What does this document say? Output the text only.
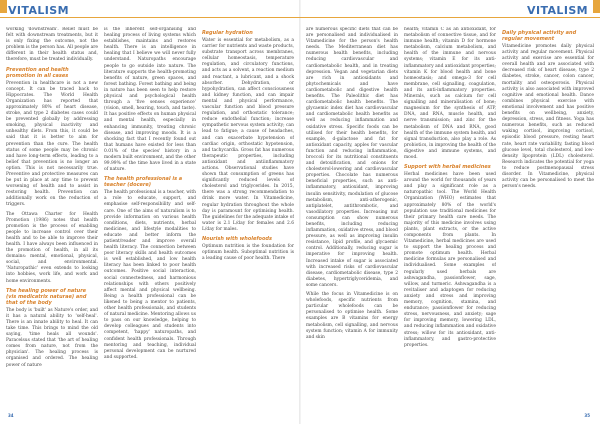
VITALISM

working 'downstream'. Relief must be felt with downstream treatments, but it is only fixing the outcome, not the problem is the person has. All people are different in their health status and, therefore, must be treated individually.

Prevention and health promotion in all cases

Prevention in healthcare is not a new concept. It can be traced back to Hippocrates. The World Health Organization has reported that approximately 80% of heart disease, stroke, and type 2 diabetes cases could be prevented globally by addressing smoking, physical inactivity and unhealthy diets. From this, it could be said that it is better to aim for prevention than the cure. The health status of some people may be chronic and have long-term effects, leading to a belief that prevention is no longer an option. This is not necessarily true. Preventive and protective measures can be put in place at any time to prevent worsening of health and to assist in restoring health. Prevention can additionally work on the reduction of triggers.

The Ottawa Charter for Health Promotion (1986) notes that health promotion is the process of enabling people to increase control over their health and to be able to improve their health. I have always been influenced in the promotion of health, in all its domains: mental, emotional, physical, social, and environmental. 'Naturopathic' even extends to looking into hobbies, work life, and work and home environments.

The healing power of nature (vis medicatrix naturae) and that of the body

The body is 'built' as Nature's order, and it has a natural ability to 'self-heal'. There is an innate ability to heal. It can take time. This brings to mind the old saying, 'time heals all wounds'. Paracelsus stated that 'the art of healing comes from nature, not from the physician'. The healing process is organised and ordered. The healing power of nature

is the inherent self-organising and healing process of living systems which establishes, maintains and restores health. There is an intelligence in healing that I believe we will never fully understand. Naturopaths encourage people to go outside into nature. The literature supports the health-promoting benefits of nature, green spaces, and forest bathing. Forest bathing and being in nature has been seen to help restore physical and psychological health through a 'five senses experience' (vision, smell, hearing, touch, and taste). It has positive effects on human physical and mental health, especially in enhancing immunity, treating chronic disease, and improving moods. It is a shocking fact that I recently found out that humans have existed for less than 0.01% of the species' history in a modern built environment, and the other 99.99% of the time have lived in a state of nature.

The health professional is a teacher (docere)

The health professional is a teacher, with a role to educate, support, and emphasise self-responsibility and self-care. One of the aims of naturalism is to provide information on various health conditions, diets, nutrients, herbal medicines, and lifestyle modalities to educate and better inform the patient/reader and improve overall health literacy. The connection between poor literacy skills and health outcomes is well established, and low health literacy has been linked to poor health outcomes. Positive social interaction, social connectedness, and harmonious relationships with others positively affect mental and physical wellbeing. Being a health professional can be likened to being a mentor to patients, other health professionals, and students of natural medicine. Mentoring allows us to pass on our knowledge, helping to develop colleagues and students into competent, 'happy' naturopaths, and confident health professionals. Through mentoring and teaching, individual personal development can be nurtured and supported.

Regular hydration

Water is essential for metabolism, as a carrier for nutrients and waste products, substrate transport across membranes, cellular homeostasis, temperature regulation, and circulatory functions, and acts as a solvent, a reaction medium and reactant, a lubricant, and a shock absorber. Dehydration, or hypohydration, can affect consciousness and kidney function, and can impair mental and physical performance, vascular function and blood pressure regulation, and orthostatic tolerance; reduce endothelial function; increase sympathetic nervous system activity; can lead to fatigue; a cause of headaches, and can exacerbate hypotension of cardiac origin, orthostatic hypotension, and tachycardia. Gross fat has numerous therapeutic properties, including antioxidant and antiinflammatory actions. Observational studies have shown that consumption of greens has significantly reduced levels of cholesterol and triglycerides. In 2015, there was a strong recommendation to drink more water. In Vitamedicine, regular hydration throughout the whole day is paramount for optimising health. The guidelines for the adequate intake of water is 2.1 L/day for females and 2.6 L/day for males.

Nourish with wholefoods

Optimum nutrition is the foundation for optimum health. Suboptimal nutrition is a leading cause of poor health. There

34
VITALISM

are numerous specific diets that can be are personalised and individualised in Vitamedicine for the person's health needs. The Mediterranean diet has numerous health benefits, including reducing cardiovascular and cardiometabolic health, and in treating depression. Vegan and vegetarian diets are rich in antioxidants and phytochemicals and have cardiometabolic and digestive health benefits. The Paleolithic diet has cardiometabolic health benefits. The glycaemic index diet has cardiovascular and cardiometabolic health benefits as well as reducing inflammation and oxidative stress. Specific foods can be utilised for their health benefits, for example, d-galactose and fat for antioxidant capacity, apples for vascular function and reducing inflammation, broccoli for its nutritional constituents and detoxification, and onions for cholesterol-lowering and cardiovascular properties. Chocolate has numerous beneficial properties, such as anti-inflammatory, antioxidant, improving insulin sensitivity, modulation of glucose metabolism, anti-atherogenic, antiplatelet, antithrombotic, and vasodilatory properties. Increasing nut consumption can show numerous benefits, including reducing inflammation, oxidative stress, and blood pressure, as well as improving insulin resistance, lipid profile, and glycaemic control. Additionally, reducing sugar is imperative for improving health. Increased intake of sugar is associated with increased risks of cardiovascular disease, cardiometabolic disease, type 2 diabetes, hypertriglyceridemia, and some cancers.

While the focus in Vitamedicine is on wholefoods, specific nutrients from particular wholefoods can be personalised to optimise health. Some examples are B vitamins for energy metabolism, cell signalling, and nervous system function; vitamin A for immunity and skin

health; vitamin C as an antioxidant, for metabolism of connective tissue, and for immune health; vitamin D for hormone metabolism, calcium metabolism, and health of the immune and nervous systems; vitamin E for its anti-inflammatory and antioxidant properties; vitamin K for blood health and bone homeostasis; and omega-3 for cell membrane, cell signalling, coagulation, and its anti-inflammatory properties. Minerals, such as calcium for cell signalling and mineralisation of bone; magnesium for the synthesis of ATP, DNA, and RNA, muscle health, and nerve transmission; and zinc for the metabolism of DNA and RNA, good health of the immune system health, and signal transduction, also play a role. As probiotics, in improving the health of the digestive and immune systems, and mood.

Support with herbal medicines

Herbal medicines have been used around the world for thousands of years and play a significant role as a naturopathic tool. The World Health Organization (WHO) estimates that approximately 80% of the world's population use traditional medicines for their primary health care needs. The majority of this medicine involves using plants, plant extracts, or the active components from plants. In Vitamedicine, herbal medicines are used to support the healing process and promote optimum health. Herbal medicine formulas are personalised and individualised. Some examples of regularly used herbals are ashwagandha, passionflower, sage, willow, and turmeric. Ashwagandha is a revitaliser and adaptogen for reducing anxiety and stress and improving memory, cognition, stamina, and endurance; passionflower for reducing stress, nervousness, and anxiety; sage for improving memory, lowering LDL, and reducing inflammation and oxidative stress; willow for its antioxidant, anti-inflammatory, and gastro-protective properties.

Daily physical activity and regular movement

Vitamedicine promotes daily physical activity and regular movement. Physical activity and exercise are essential for overall health and are associated with decreased risk of heart disease, type 2 diabetes, stroke, cancer, colon cancer, mortality and osteoporosis. Physical activity is also associated with improved cognitive and emotional health. Dance combines physical exercise with emotional involvement and has positive benefits on wellbeing, anxiety, depression, stress, and fitness. Yoga has numerous benefits, such as reduced waking cortisol, improving cortisol, episodic blood pressure, resting heart rate, heart rate variability, fasting blood glucose level, total cholesterol, and low-density lipoprotein (LDL) cholesterol. Research indicates the potential for yoga to reduce postmenopausal stress disorder. In Vitamedicine, physical activity can be personalised to meet the person's needs.

35
